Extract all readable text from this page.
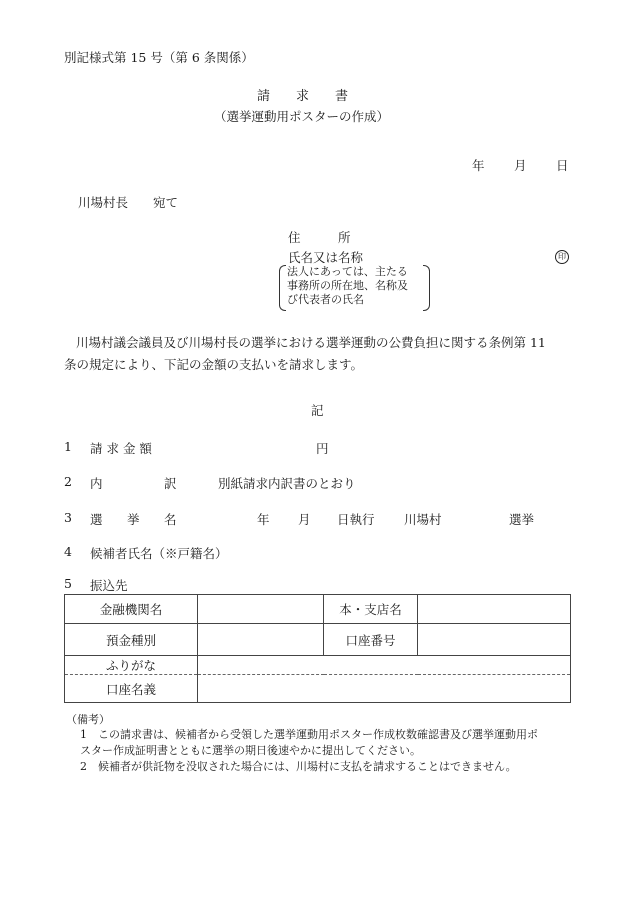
別記様式第 15 号（第 6 条関係）
請　　求　　書
（選挙運動用ポスターの作成）
年 月 日
川場村長 宛て
住　　　所
氏名又は名称	印
法人にあっては、主たる
事務所の所在地、名称及
び代表者の氏名
川場村議会議員及び川場村長の選挙における選挙運動の公費負担に関する条例第 11
条の規定により、下記の金額の支払いを請求します。
記
1 請 求 金 額	円
2 内	訳	別紙請求内訳書のとおり
3 選 挙 名	年 月 日執行 川場村	選挙
4 候補者氏名（※戸籍名）
5 振込先
金融機関名		本・支店名	
預金種別		口座番号	
ふりがな			
口座名義			
（備考）
1 この請求書は、候補者から受領した選挙運動用ポスター作成枚数確認書及び選挙運動用ポ
スター作成証明書とともに選挙の期日後速やかに提出してください。
2 候補者が供託物を没収された場合には、川場村に支払を請求することはできません。
